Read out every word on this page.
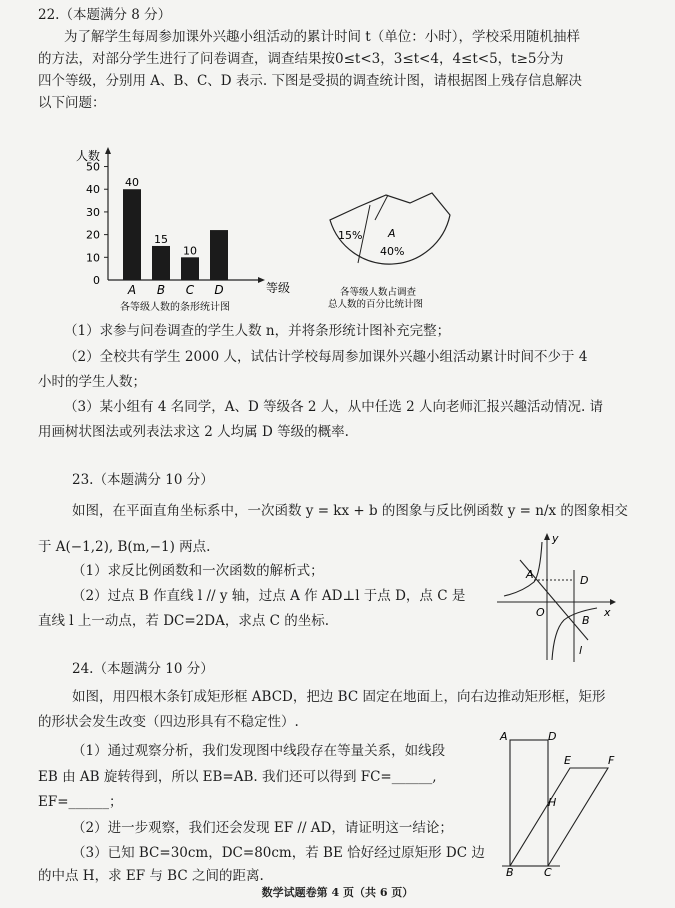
22.（本题满分 8 分）
为了解学生每周参加课外兴趣小组活动的累计时间 t（单位：小时），学校采用随机抽样
的方法，对部分学生进行了问卷调查，调查结果按0≤t<3，3≤t<4，4≤t<5，t≥5分为
四个等级，分别用 A、B、C、D 表示. 下图是受损的调查统计图，请根据图上残存信息解决
以下问题：
人数
等级
0
10
20
30
40
50
A
40
B
15
C
10
D
各等级人数的条形统计图
15% A
40%
各等级人数占调查
总人数的百分比统计图
（1）求参与问卷调查的学生人数 n，并将条形统计图补充完整；
（2）全校共有学生 2000 人，试估计学校每周参加课外兴趣小组活动累计时间不少于 4
小时的学生人数；
（3）某小组有 4 名同学，A、D 等级各 2 人，从中任选 2 人向老师汇报兴趣活动情况. 请
用画树状图法或列表法求这 2 人均属 D 等级的概率.
23.（本题满分 10 分）
如图，在平面直角坐标系中，一次函数 y = kx + b 的图象与反比例函数 y = n/x 的图象相交
于 A(−1,2), B(m,−1) 两点.
（1）求反比例函数和一次函数的解析式；
（2）过点 B 作直线 l // y 轴，过点 A 作 AD⊥l 于点 D，点 C 是
直线 l 上一动点，若 DC=2DA，求点 C 的坐标.
y
x
O
A	D
B
l
24.（本题满分 10 分）
如图，用四根木条钉成矩形框 ABCD，把边 BC 固定在地面上，向右边推动矩形框，矩形
的形状会发生改变（四边形具有不稳定性）.
（1）通过观察分析，我们发现图中线段存在等量关系，如线段
EB 由 AB 旋转得到，所以 EB=AB. 我们还可以得到 FC=______,
EF=______；
（2）进一步观察，我们还会发现 EF // AD，请证明这一结论；
（3）已知 BC=30cm，DC=80cm，若 BE 恰好经过原矩形 DC 边
的中点 H，求 EF 与 BC 之间的距离.
A	D
E	F
H
B	C
数学试题卷第 4 页（共 6 页）
